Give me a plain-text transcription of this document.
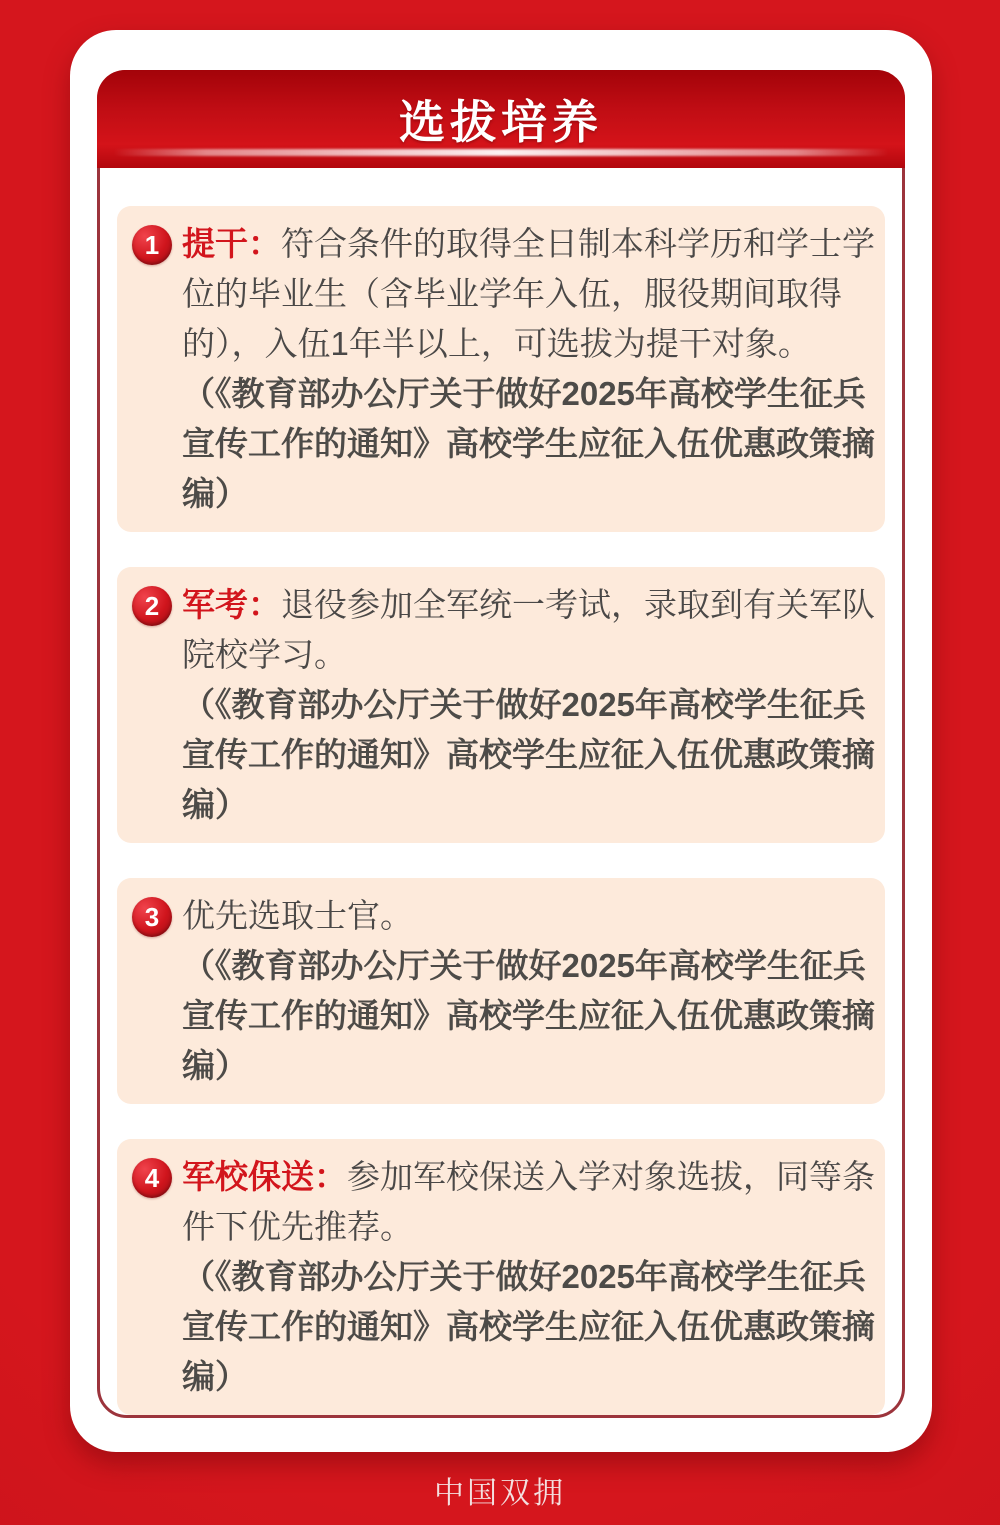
选拔培养
1 提干：符合条件的取得全日制本科学历和学士学位的毕业生（含毕业学年入伍，服役期间取得的），入伍1年半以上，可选拔为提干对象。

（《教育部办公厅关于做好2025年高校学生征兵宣传工作的通知》高校学生应征入伍优惠政策摘编）

2 军考：退役参加全军统一考试，录取到有关军队院校学习。

（《教育部办公厅关于做好2025年高校学生征兵宣传工作的通知》高校学生应征入伍优惠政策摘编）

3 优先选取士官。

（《教育部办公厅关于做好2025年高校学生征兵宣传工作的通知》高校学生应征入伍优惠政策摘编）

4 军校保送：参加军校保送入学对象选拔，同等条件下优先推荐。

（《教育部办公厅关于做好2025年高校学生征兵宣传工作的通知》高校学生应征入伍优惠政策摘编）

中国双拥
